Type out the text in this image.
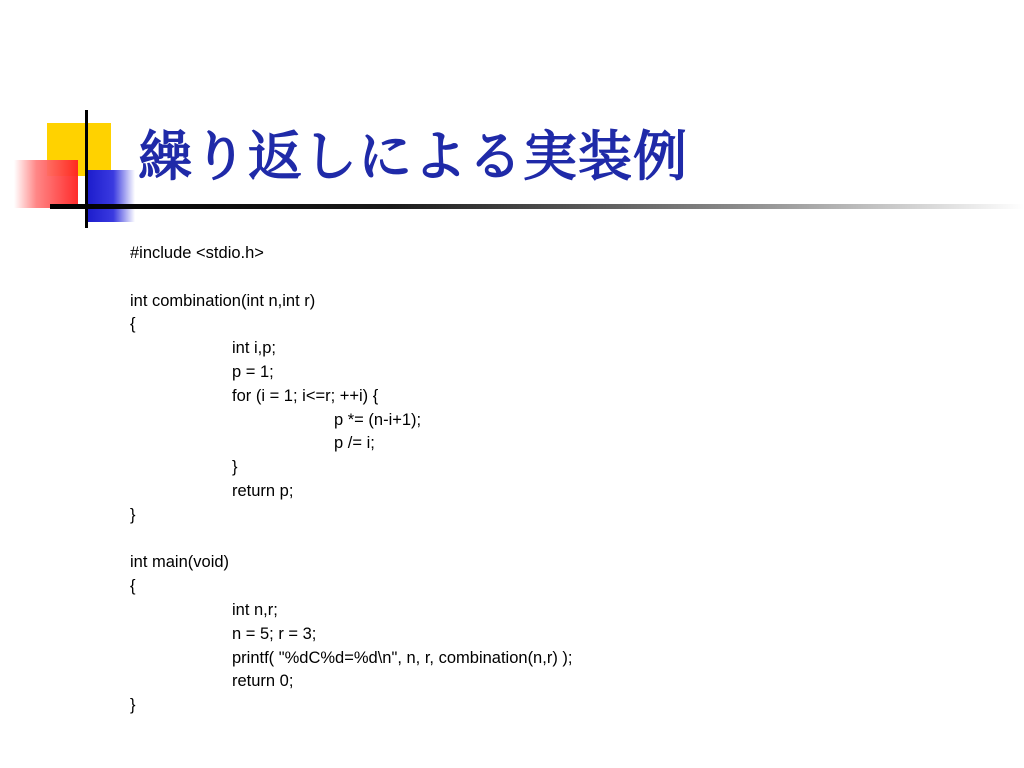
繰り返しによる実装例
#include <stdio.h>
int combination(int n,int r)
{
int i,p;
p = 1;
for (i = 1; i<=r; ++i) {
p *= (n-i+1);
p /= i;
}
return p;
}
int main(void)
{
int n,r;
n = 5; r = 3;
printf( "%dC%d=%d\n", n, r, combination(n,r) );
return 0;
}
